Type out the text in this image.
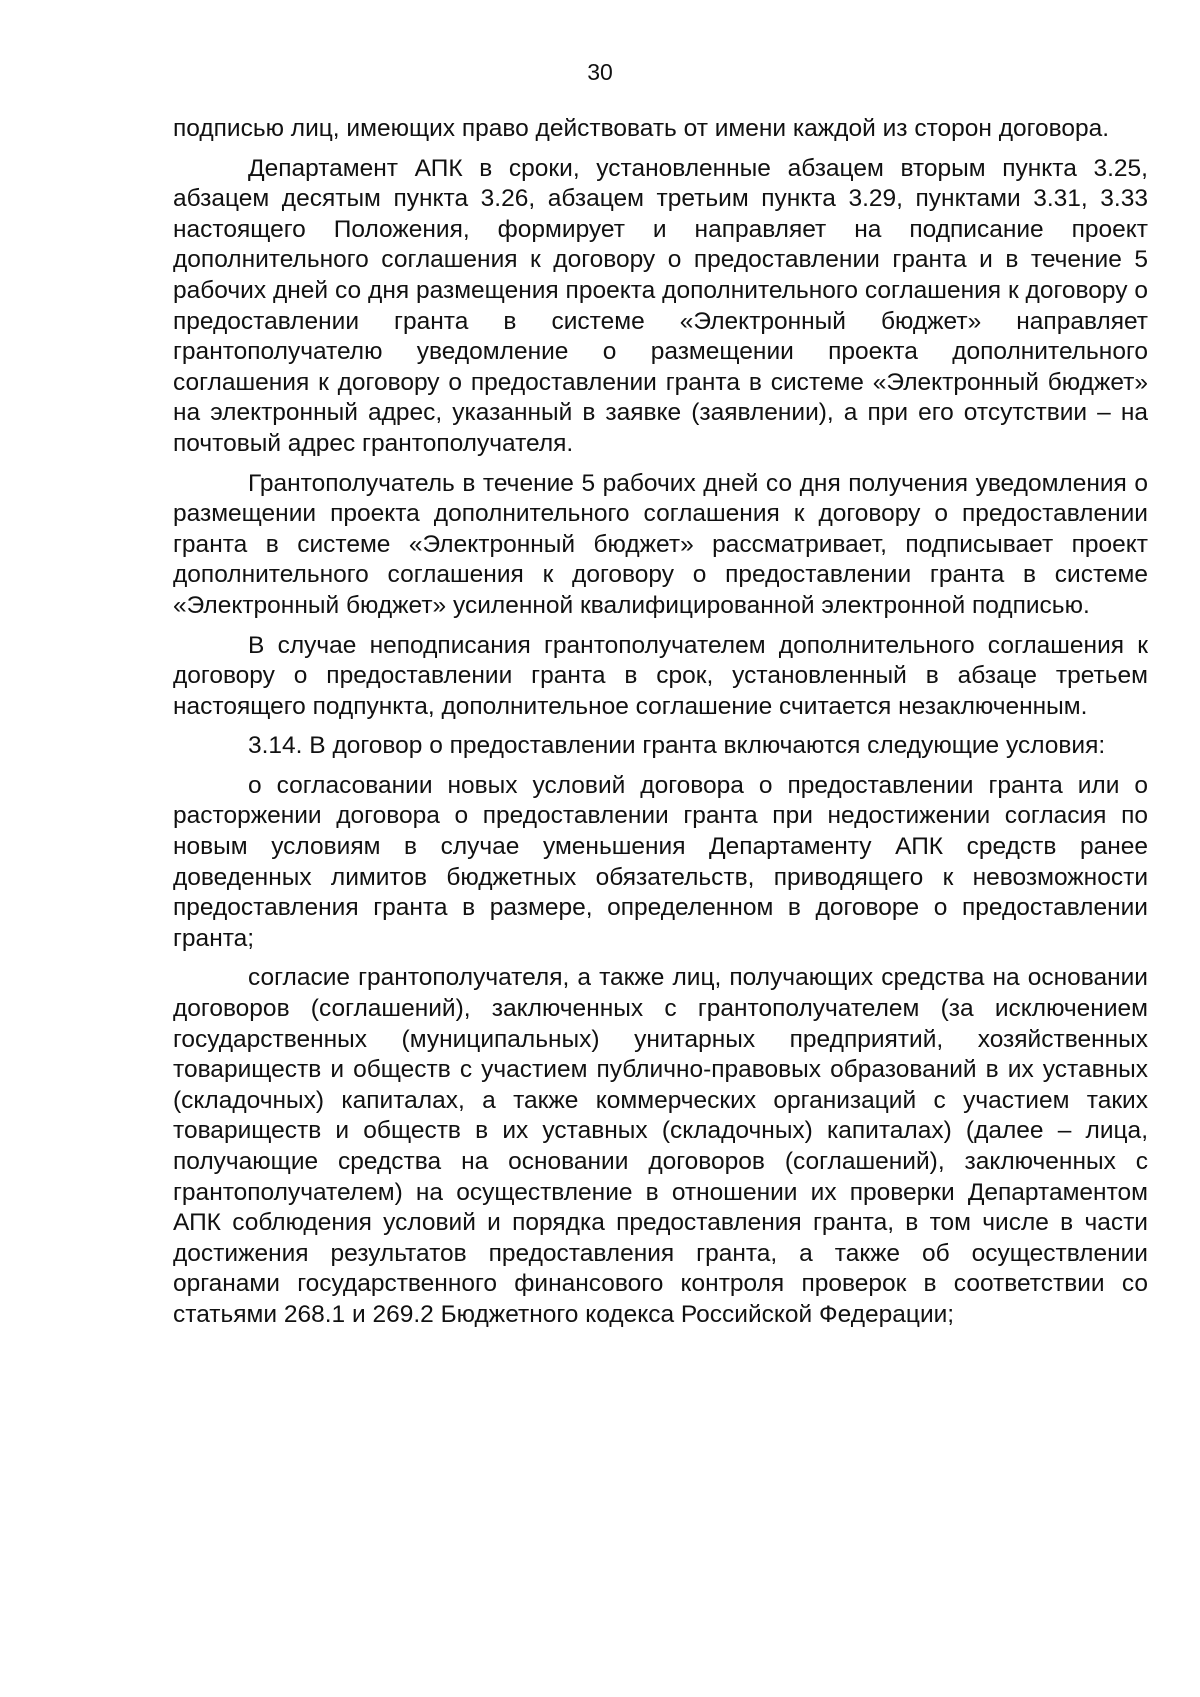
30

подписью лиц, имеющих право действовать от имени каждой из сторон договора.

Департамент АПК в сроки, установленные абзацем вторым пункта 3.25, абзацем десятым пункта 3.26, абзацем третьим пункта 3.29, пунктами 3.31, 3.33 настоящего Положения, формирует и направляет на подписание проект дополнительного соглашения к договору о предоставлении гранта и в течение 5 рабочих дней со дня размещения проекта дополнительного соглашения к договору о предоставлении гранта в системе «Электронный бюджет» направляет грантополучателю уведомление о размещении проекта дополнительного соглашения к договору о предоставлении гранта в системе «Электронный бюджет» на электронный адрес, указанный в заявке (заявлении), а при его отсутствии – на почтовый адрес грантополучателя.

Грантополучатель в течение 5 рабочих дней со дня получения уведомления о размещении проекта дополнительного соглашения к договору о предоставлении гранта в системе «Электронный бюджет» рассматривает, подписывает проект дополнительного соглашения к договору о предоставлении гранта в системе «Электронный бюджет» усиленной квалифицированной электронной подписью.

В случае неподписания грантополучателем дополнительного соглашения к договору о предоставлении гранта в срок, установленный в абзаце третьем настоящего подпункта, дополнительное соглашение считается незаключенным.

3.14. В договор о предоставлении гранта включаются следующие условия:

о согласовании новых условий договора о предоставлении гранта или о расторжении договора о предоставлении гранта при недостижении согласия по новым условиям в случае уменьшения Департаменту АПК средств ранее доведенных лимитов бюджетных обязательств, приводящего к невозможности предоставления гранта в размере, определенном в договоре о предоставлении гранта;

согласие грантополучателя, а также лиц, получающих средства на основании договоров (соглашений), заключенных с грантополучателем (за исключением государственных (муниципальных) унитарных предприятий, хозяйственных товариществ и обществ с участием публично-правовых образований в их уставных (складочных) капиталах, а также коммерческих организаций с участием таких товариществ и обществ в их уставных (складочных) капиталах) (далее – лица, получающие средства на основании договоров (соглашений), заключенных с грантополучателем) на осуществление в отношении их проверки Департаментом АПК соблюдения условий и порядка предоставления гранта, в том числе в части достижения результатов предоставления гранта, а также об осуществлении органами государственного финансового контроля проверок в соответствии со статьями 268.1 и 269.2 Бюджетного кодекса Российской Федерации;
